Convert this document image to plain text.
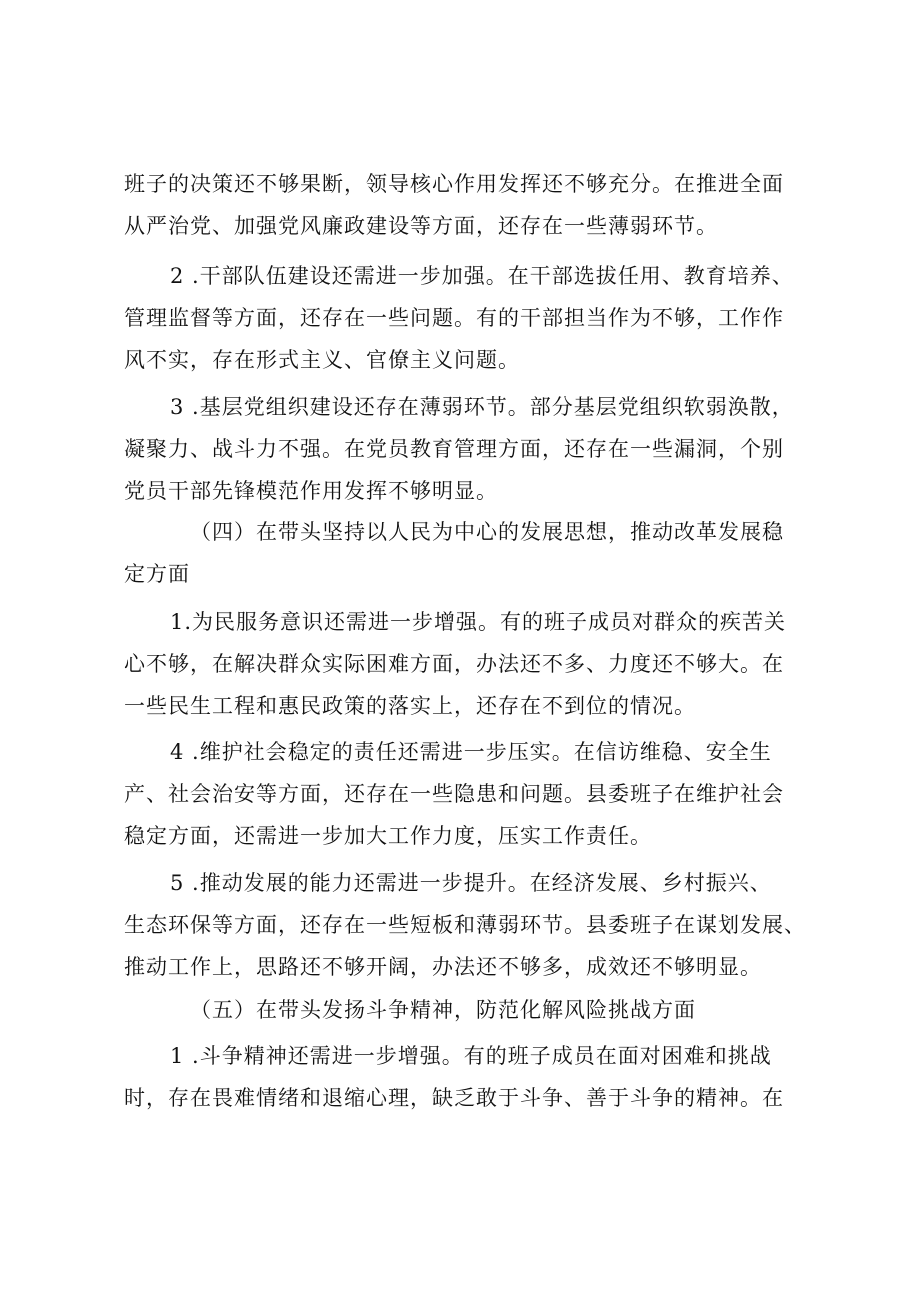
班子的决策还不够果断，领导核心作用发挥还不够充分。在推进全面
从严治党、加强党风廉政建设等方面，还存在一些薄弱环节。
2 .干部队伍建设还需进一步加强。在干部选拔任用、教育培养、
管理监督等方面，还存在一些问题。有的干部担当作为不够，工作作
风不实，存在形式主义、官僚主义问题。
3 .基层党组织建设还存在薄弱环节。部分基层党组织软弱涣散，
凝聚力、战斗力不强。在党员教育管理方面，还存在一些漏洞，个别
党员干部先锋模范作用发挥不够明显。
（四）在带头坚持以人民为中心的发展思想，推动改革发展稳
定方面
1.为民服务意识还需进一步增强。有的班子成员对群众的疾苦关
心不够，在解决群众实际困难方面，办法还不多、力度还不够大。在
一些民生工程和惠民政策的落实上，还存在不到位的情况。
4 .维护社会稳定的责任还需进一步压实。在信访维稳、安全生
产、社会治安等方面，还存在一些隐患和问题。县委班子在维护社会
稳定方面，还需进一步加大工作力度，压实工作责任。
5 .推动发展的能力还需进一步提升。在经济发展、乡村振兴、
生态环保等方面，还存在一些短板和薄弱环节。县委班子在谋划发展、
推动工作上，思路还不够开阔，办法还不够多，成效还不够明显。
（五）在带头发扬斗争精神，防范化解风险挑战方面
1 .斗争精神还需进一步增强。有的班子成员在面对困难和挑战
时，存在畏难情绪和退缩心理，缺乏敢于斗争、善于斗争的精神。在
